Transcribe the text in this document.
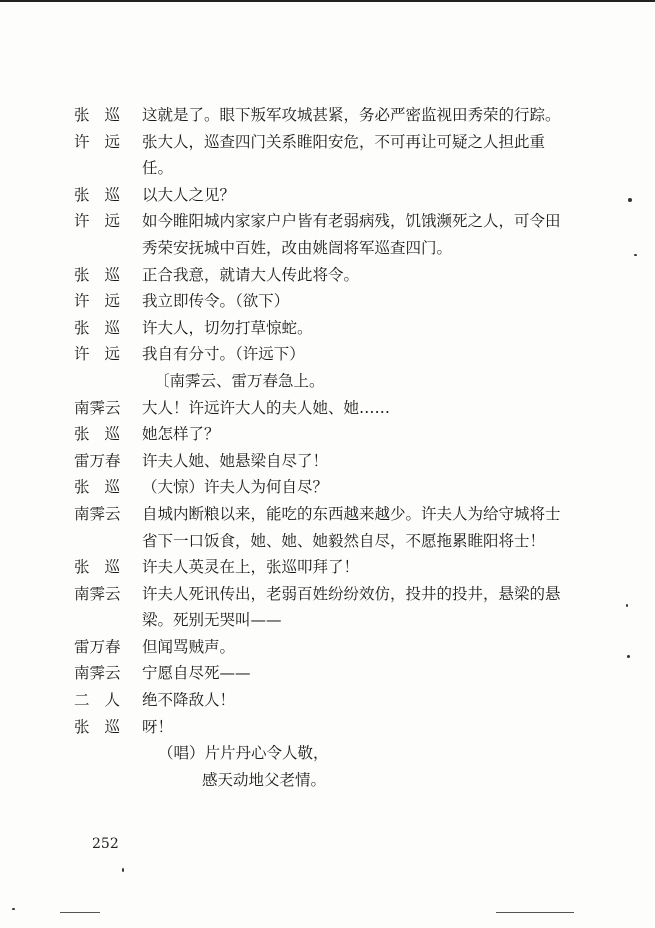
张巡 这就是了。眼下叛军攻城甚紧，务必严密监视田秀荣的行踪。
许远 张大人，巡查四门关系睢阳安危，不可再让可疑之人担此重任。
张巡 以大人之见？
许远 如今睢阳城内家家户户皆有老弱病残，饥饿濒死之人，可令田秀荣安抚城中百姓，改由姚訚将军巡查四门。
张巡 正合我意，就请大人传此将令。
许远 我立即传令。（欲下）
张巡 许大人，切勿打草惊蛇。
许远 我自有分寸。（许远下）
〔南霁云、雷万春急上。
南霁云	大人！许远许大人的夫人她、她……
张巡 她怎样了？
雷万春	许夫人她、她悬梁自尽了！
张巡 （大惊）许夫人为何自尽？
南霁云	自城内断粮以来，能吃的东西越来越少。许夫人为给守城将士省下一口饭食，她、她、她毅然自尽，不愿拖累睢阳将士！
张巡 许夫人英灵在上，张巡叩拜了！
南霁云	许夫人死讯传出，老弱百姓纷纷效仿，投井的投井，悬梁的悬梁。死别无哭叫——
雷万春	但闻骂贼声。
南霁云	宁愿自尽死——
二人 绝不降敌人！
张巡 呀！
（唱）片片丹心令人敬，
感天动地父老情。
252
